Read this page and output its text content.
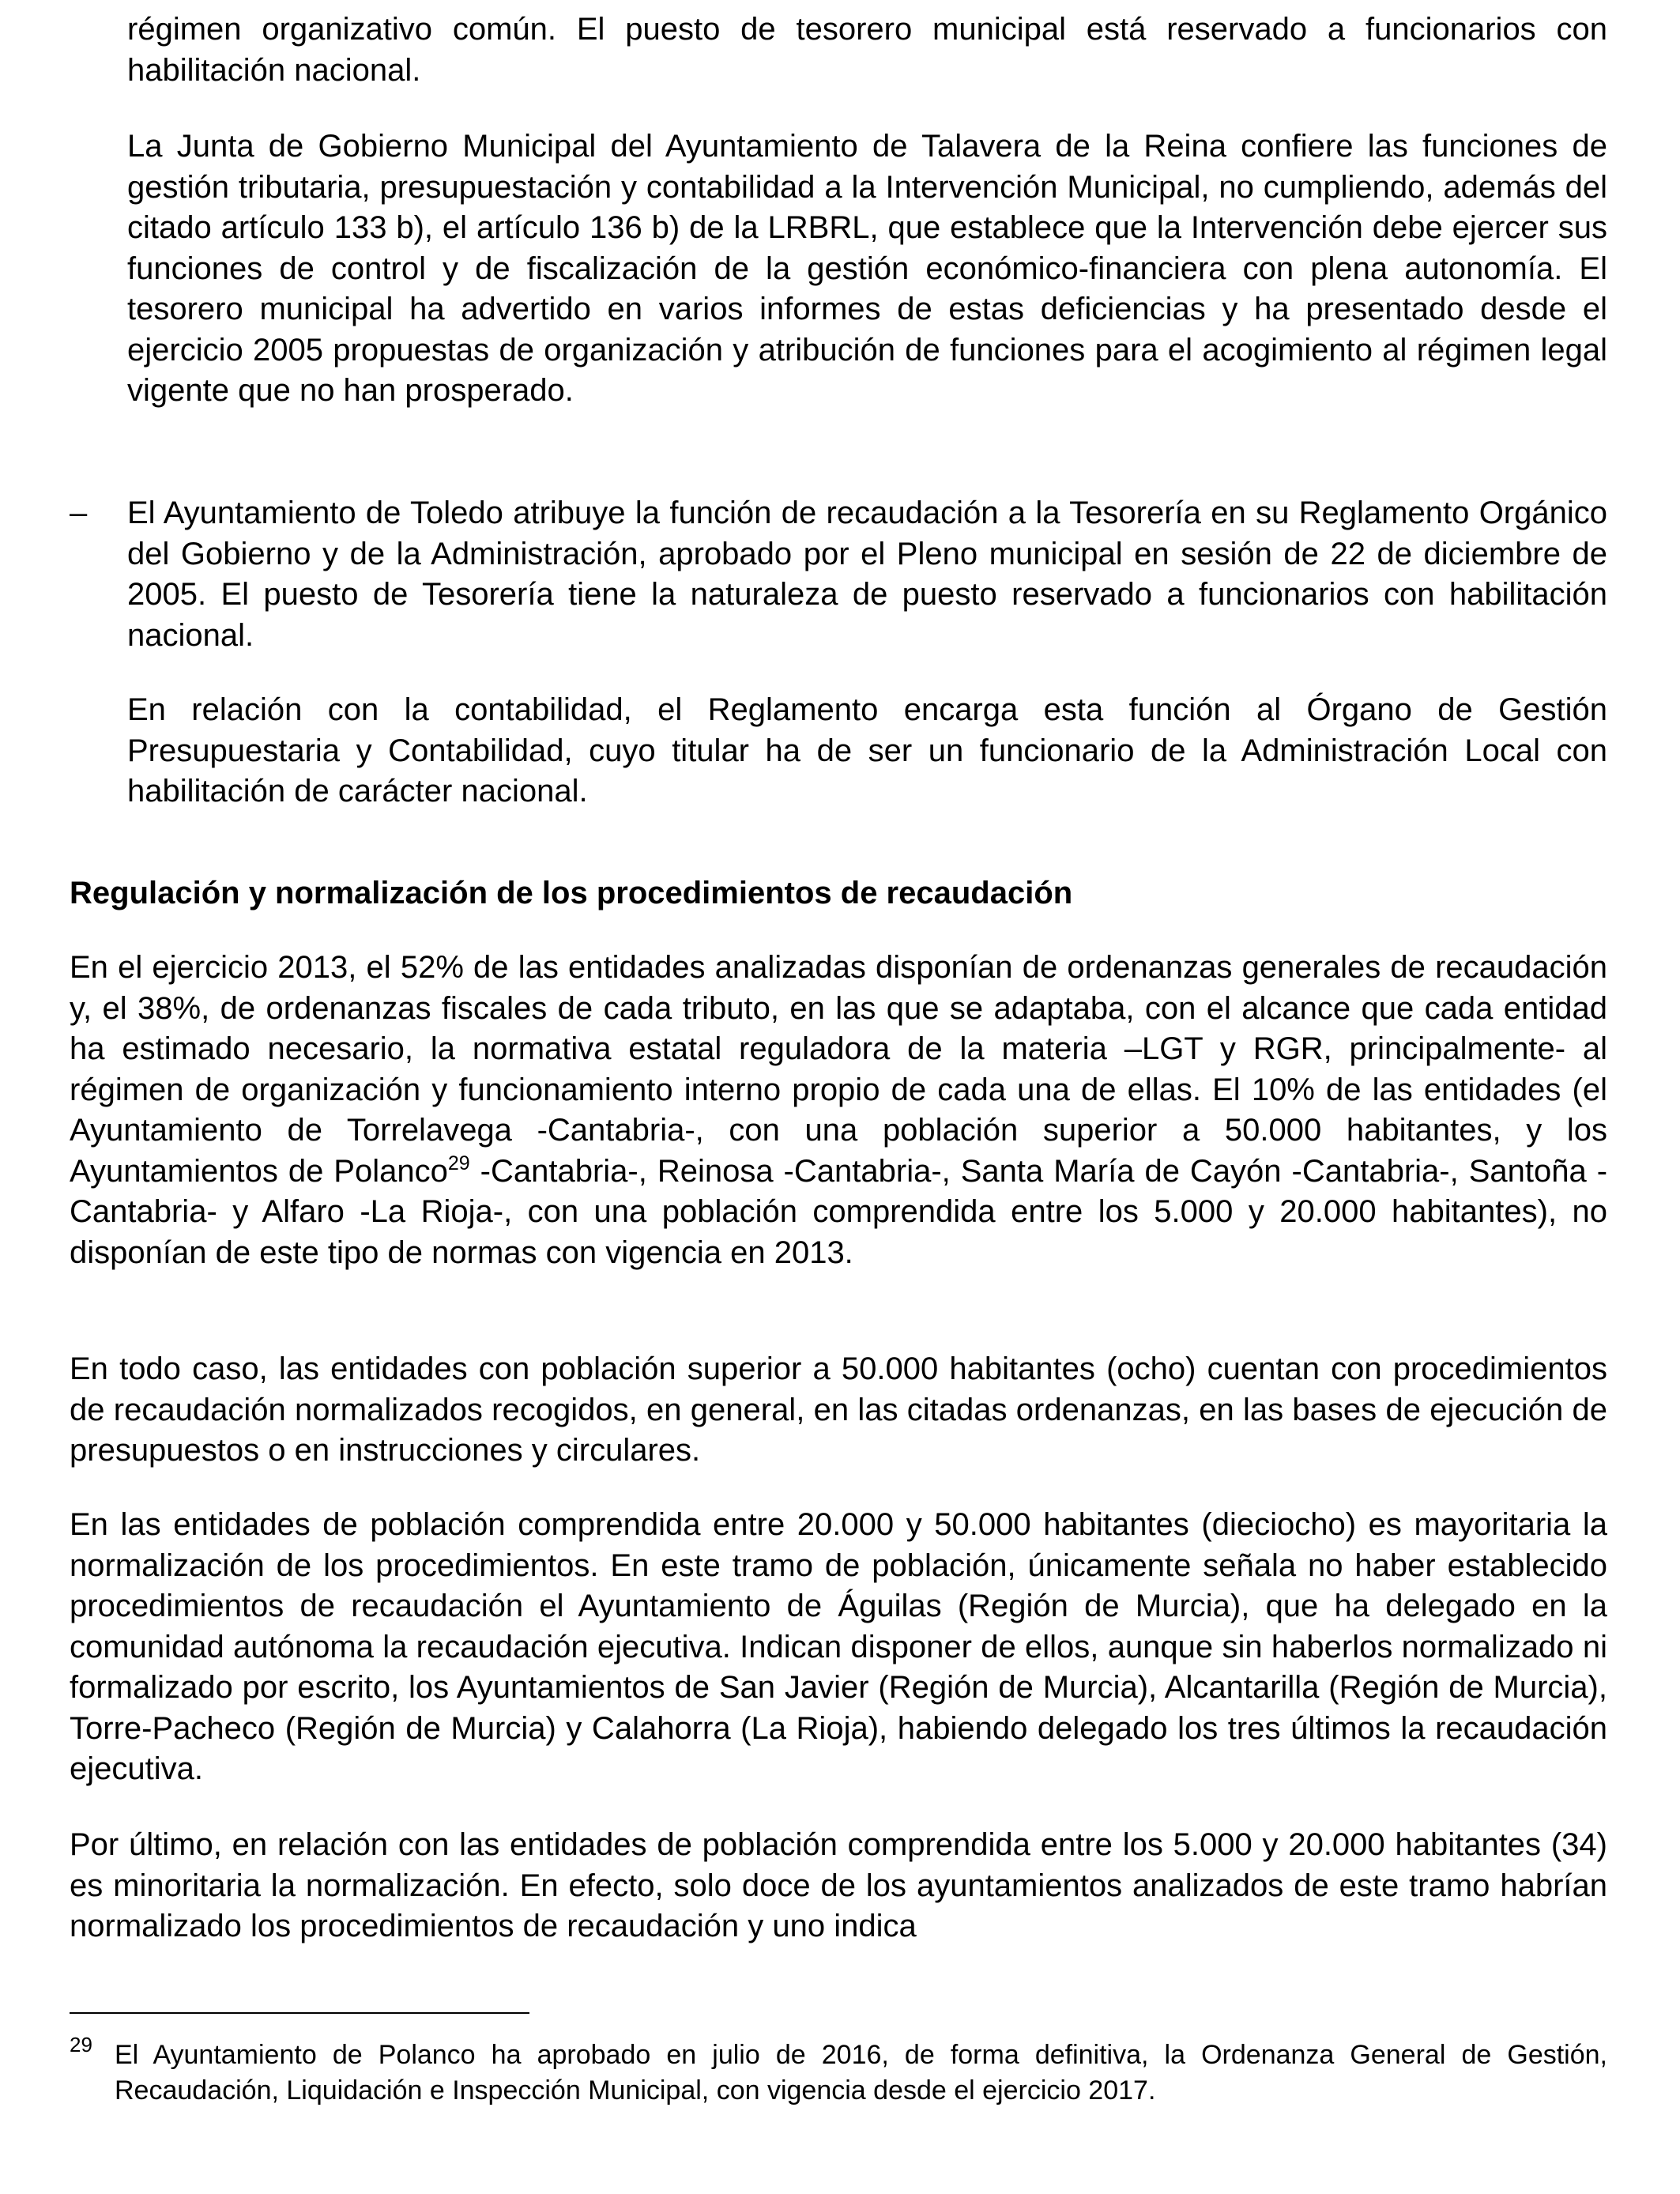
régimen organizativo común. El puesto de tesorero municipal está reservado a funcionarios con habilitación nacional.

La Junta de Gobierno Municipal del Ayuntamiento de Talavera de la Reina confiere las funciones de gestión tributaria, presupuestación y contabilidad a la Intervención Municipal, no cumpliendo, además del citado artículo 133 b), el artículo 136 b) de la LRBRL, que establece que la Intervención debe ejercer sus funciones de control y de fiscalización de la gestión económico-financiera con plena autonomía. El tesorero municipal ha advertido en varios informes de estas deficiencias y ha presentado desde el ejercicio 2005 propuestas de organización y atribución de funciones para el acogimiento al régimen legal vigente que no han prosperado.

– El Ayuntamiento de Toledo atribuye la función de recaudación a la Tesorería en su Reglamento Orgánico del Gobierno y de la Administración, aprobado por el Pleno municipal en sesión de 22 de diciembre de 2005. El puesto de Tesorería tiene la naturaleza de puesto reservado a funcionarios con habilitación nacional.

En relación con la contabilidad, el Reglamento encarga esta función al Órgano de Gestión Presupuestaria y Contabilidad, cuyo titular ha de ser un funcionario de la Administración Local con habilitación de carácter nacional.

Regulación y normalización de los procedimientos de recaudación

En el ejercicio 2013, el 52% de las entidades analizadas disponían de ordenanzas generales de recaudación y, el 38%, de ordenanzas fiscales de cada tributo, en las que se adaptaba, con el alcance que cada entidad ha estimado necesario, la normativa estatal reguladora de la materia –LGT y RGR, principalmente- al régimen de organización y funcionamiento interno propio de cada una de ellas. El 10% de las entidades (el Ayuntamiento de Torrelavega -Cantabria-, con una población superior a 50.000 habitantes, y los Ayuntamientos de Polanco$^{29}$ -Cantabria-, Reinosa -Cantabria-, Santa María de Cayón -Cantabria-, Santoña -Cantabria- y Alfaro -La Rioja-, con una población comprendida entre los 5.000 y 20.000 habitantes), no disponían de este tipo de normas con vigencia en 2013.

En todo caso, las entidades con población superior a 50.000 habitantes (ocho) cuentan con procedimientos de recaudación normalizados recogidos, en general, en las citadas ordenanzas, en las bases de ejecución de presupuestos o en instrucciones y circulares.

En las entidades de población comprendida entre 20.000 y 50.000 habitantes (dieciocho) es mayoritaria la normalización de los procedimientos. En este tramo de población, únicamente señala no haber establecido procedimientos de recaudación el Ayuntamiento de Águilas (Región de Murcia), que ha delegado en la comunidad autónoma la recaudación ejecutiva. Indican disponer de ellos, aunque sin haberlos normalizado ni formalizado por escrito, los Ayuntamientos de San Javier (Región de Murcia), Alcantarilla (Región de Murcia), Torre-Pacheco (Región de Murcia) y Calahorra (La Rioja), habiendo delegado los tres últimos la recaudación ejecutiva.

Por último, en relación con las entidades de población comprendida entre los 5.000 y 20.000 habitantes (34) es minoritaria la normalización. En efecto, solo doce de los ayuntamientos analizados de este tramo habrían normalizado los procedimientos de recaudación y uno indica

29 El Ayuntamiento de Polanco ha aprobado en julio de 2016, de forma definitiva, la Ordenanza General de Gestión, Recaudación, Liquidación e Inspección Municipal, con vigencia desde el ejercicio 2017.
